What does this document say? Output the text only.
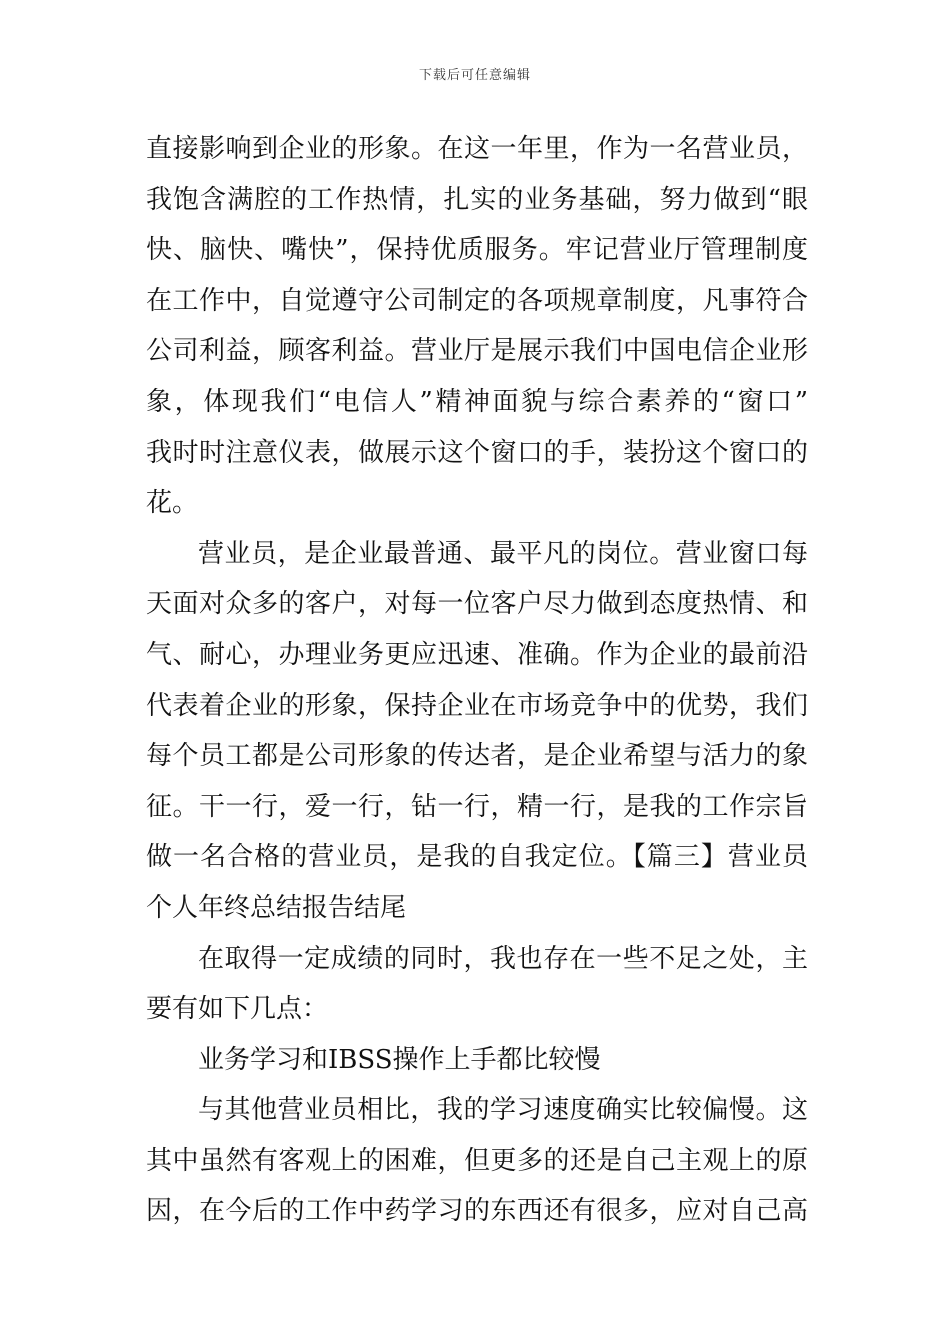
下载后可任意编辑
直接影响到企业的形象。在这一年里，作为一名营业员，
我饱含满腔的工作热情，扎实的业务基础，努力做到“眼
快、脑快、嘴快”，保持优质服务。牢记营业厅管理制度
在工作中，自觉遵守公司制定的各项规章制度，凡事符合
公司利益，顾客利益。营业厅是展示我们中国电信企业形
象，体现我们“电信人”精神面貌与综合素养的“窗口”
我时时注意仪表，做展示这个窗口的手，装扮这个窗口的
花。
营业员，是企业最普通、最平凡的岗位。营业窗口每
天面对众多的客户，对每一位客户尽力做到态度热情、和
气、耐心，办理业务更应迅速、准确。作为企业的最前沿
代表着企业的形象，保持企业在市场竞争中的优势，我们
每个员工都是公司形象的传达者，是企业希望与活力的象
征。干一行，爱一行，钻一行，精一行，是我的工作宗旨
做一名合格的营业员，是我的自我定位。【篇三】营业员
个人年终总结报告结尾
在取得一定成绩的同时，我也存在一些不足之处，主
要有如下几点：
业务学习和IBSS操作上手都比较慢
与其他营业员相比，我的学习速度确实比较偏慢。这
其中虽然有客观上的困难，但更多的还是自己主观上的原
因，在今后的工作中药学习的东西还有很多，应对自己高
